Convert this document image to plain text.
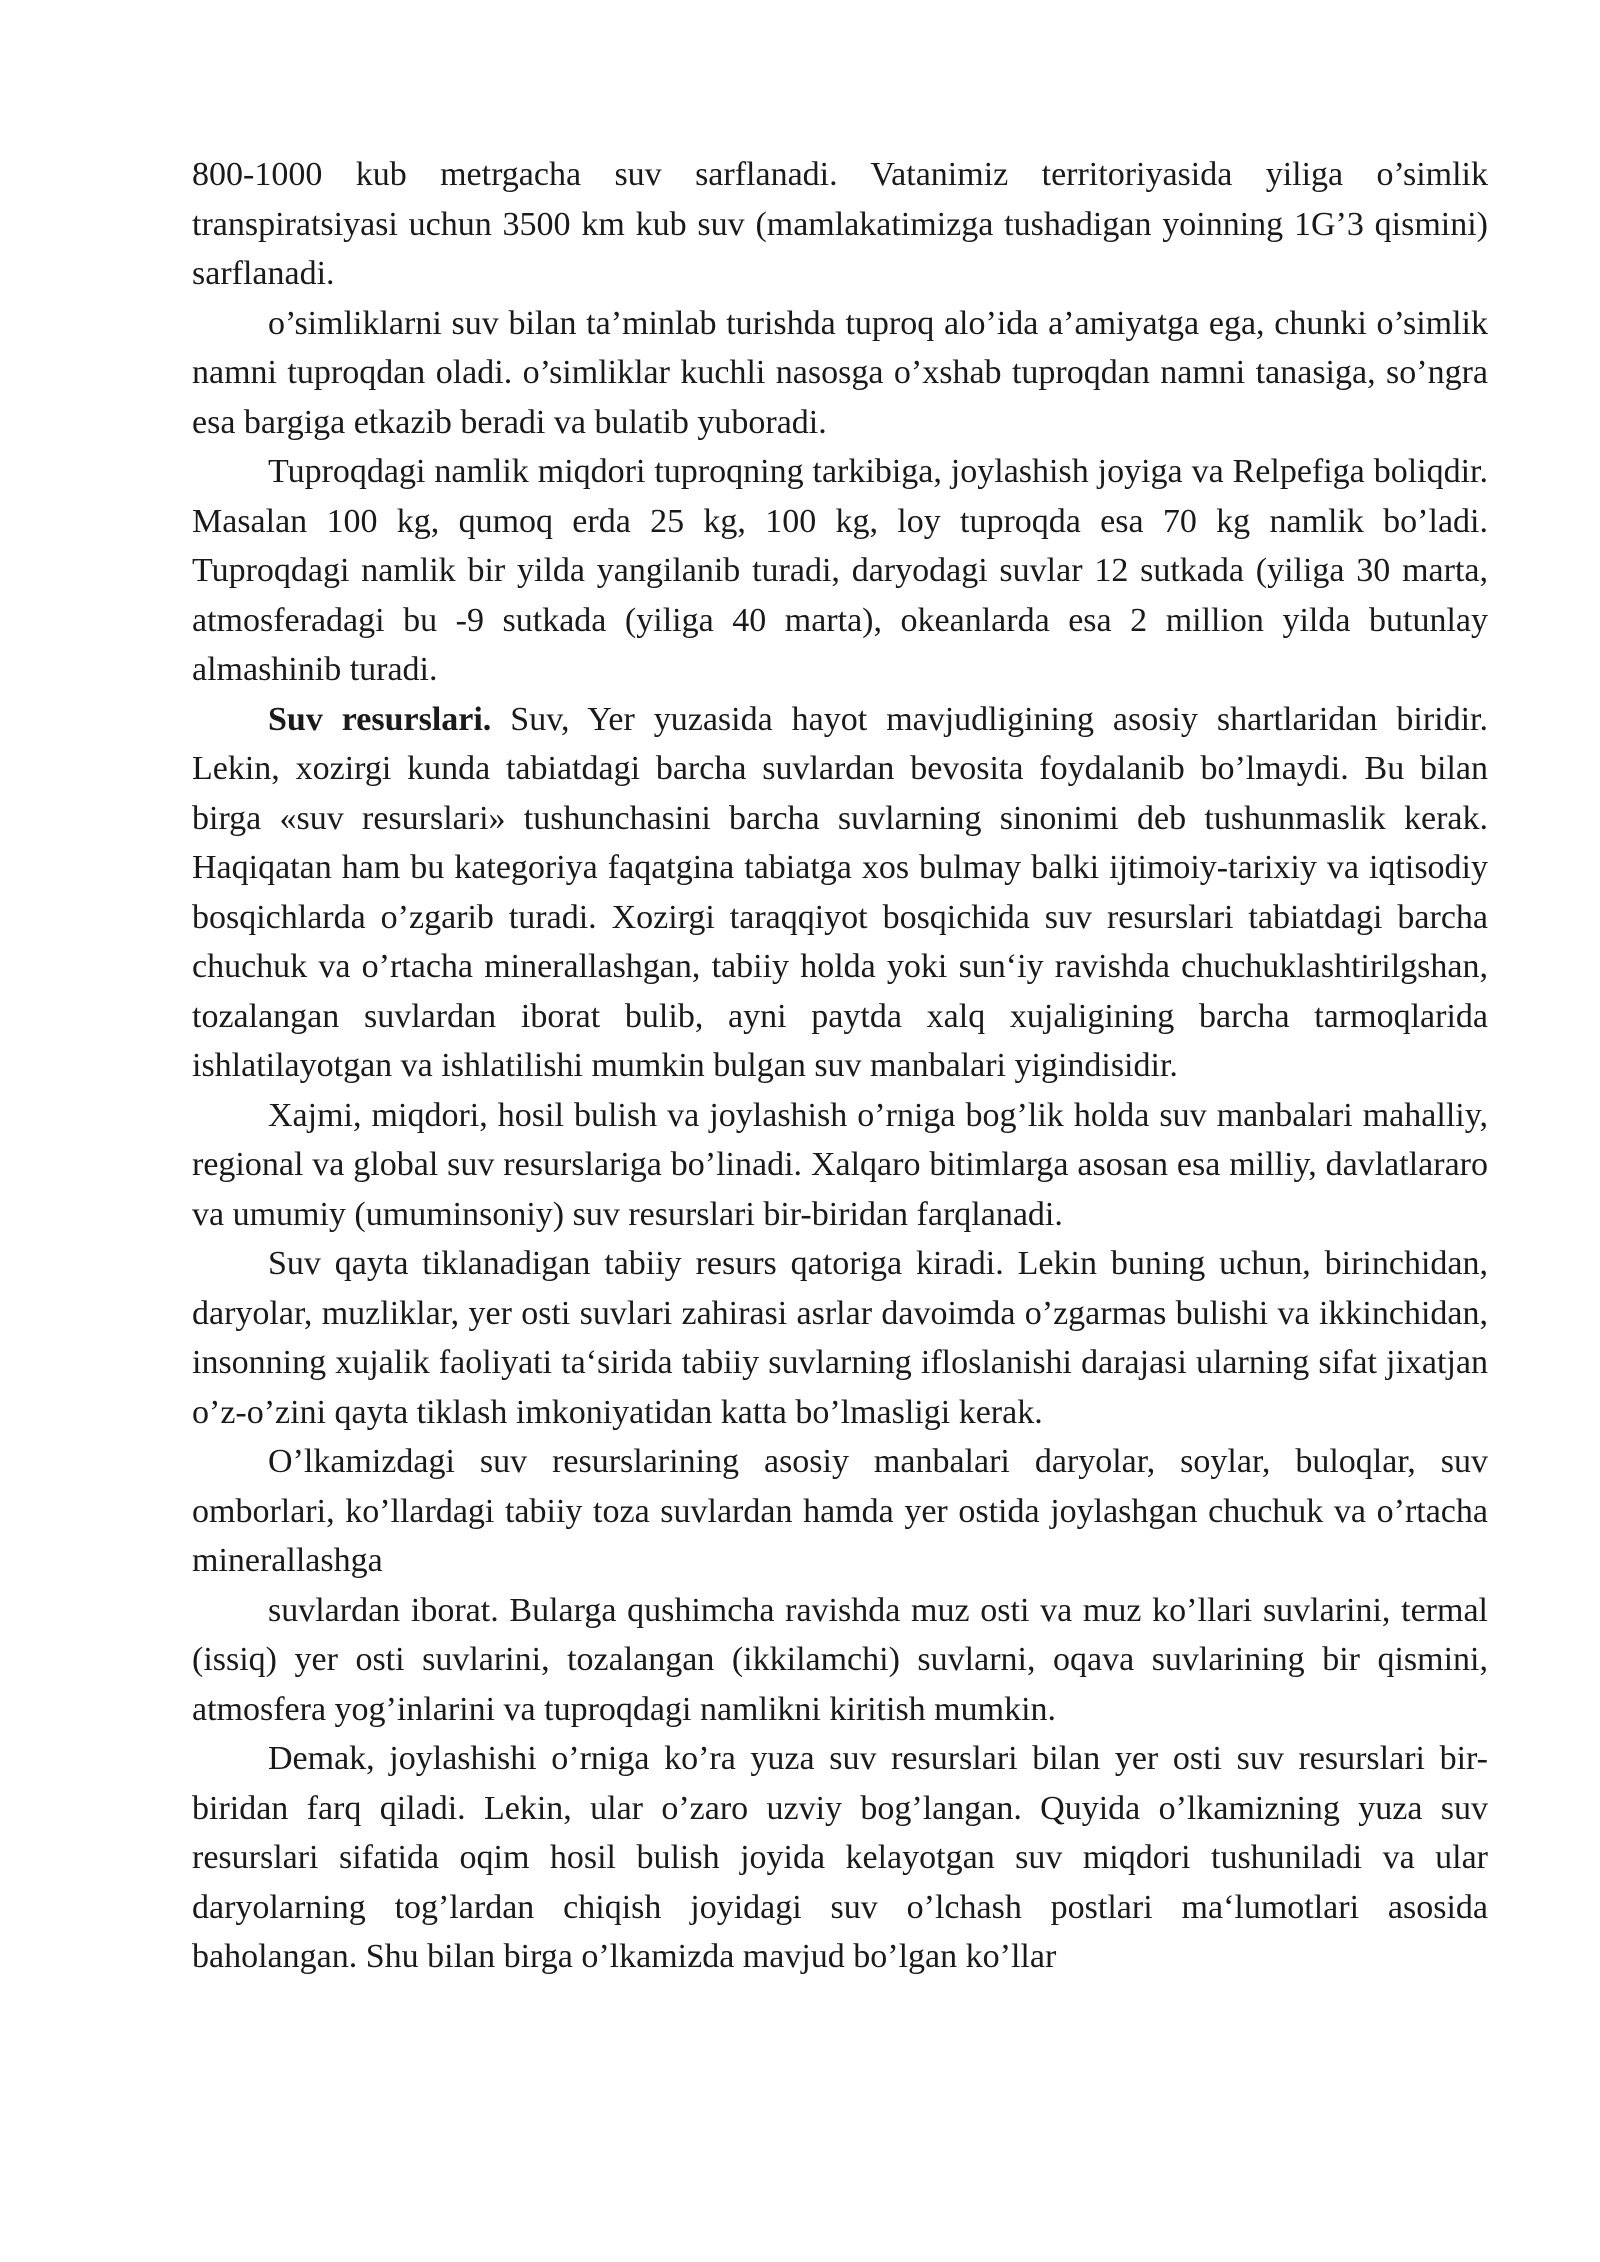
800-1000 kub metrgacha suv sarflanadi. Vatanimiz territoriyasida yiliga o’simlik transpiratsiyasi uchun 3500 km kub suv (mamlakatimizga tushadigan yoinning 1G’3 qismini) sarflanadi.

o’simliklarni suv bilan ta’minlab turishda tuproq alo’ida a’amiyatga ega, chunki o’simlik namni tuproqdan oladi. o’simliklar kuchli nasosga o’xshab tuproqdan namni tanasiga, so’ngra esa bargiga etkazib beradi va bulatib yuboradi.

Tuproqdagi namlik miqdori tuproqning tarkibiga, joylashish joyiga va Relpefiga boliqdir. Masalan 100 kg, qumoq erda 25 kg, 100 kg, loy tuproqda esa 70 kg namlik bo’ladi. Tuproqdagi namlik bir yilda yangilanib turadi, daryodagi suvlar 12 sutkada (yiliga 30 marta, atmosferadagi bu -9 sutkada (yiliga 40 marta), okeanlarda esa 2 million yilda butunlay almashinib turadi.

Suv resurslari. Suv, Yer yuzasida hayot mavjudligining asosiy shartlaridan biridir. Lekin, xozirgi kunda tabiatdagi barcha suvlardan bevosita foydalanib bo’lmaydi. Bu bilan birga «suv resurslari» tushunchasini barcha suvlarning sinonimi deb tushunmaslik kerak. Haqiqatan ham bu kategoriya faqatgina tabiatga xos bulmay balki ijtimoiy-tarixiy va iqtisodiy bosqichlarda o’zgarib turadi. Xozirgi taraqqiyot bosqichida suv resurslari tabiatdagi barcha chuchuk va o’rtacha minerallashgan, tabiiy holda yoki sun‘iy ravishda chuchuklashtirilgshan, tozalangan suvlardan iborat bulib, ayni paytda xalq xujaligining barcha tarmoqlarida ishlatilayotgan va ishlatilishi mumkin bulgan suv manbalari yigindisidir.

Xajmi, miqdori, hosil bulish va joylashish o’rniga bog’lik holda suv manbalari mahalliy, regional va global suv resurslariga bo’linadi. Xalqaro bitimlarga asosan esa milliy, davlatlararo va umumiy (umuminsoniy) suv resurslari bir-biridan farqlanadi.

Suv qayta tiklanadigan tabiiy resurs qatoriga kiradi. Lekin buning uchun, birinchidan, daryolar, muzliklar, yer osti suvlari zahirasi asrlar davoimda o’zgarmas bulishi va ikkinchidan, insonning xujalik faoliyati ta‘sirida tabiiy suvlarning ifloslanishi darajasi ularning sifat jixatjan o’z-o’zini qayta tiklash imkoniyatidan katta bo’lmasligi kerak.

O’lkamizdagi suv resurslarining asosiy manbalari daryolar, soylar, buloqlar, suv omborlari, ko’llardagi tabiiy toza suvlardan hamda yer ostida joylashgan chuchuk va o’rtacha minerallashga

suvlardan iborat. Bularga qushimcha ravishda muz osti va muz ko’llari suvlarini, termal (issiq) yer osti suvlarini, tozalangan (ikkilamchi) suvlarni, oqava suvlarining bir qismini, atmosfera yog’inlarini va tuproqdagi namlikni kiritish mumkin.

Demak, joylashishi o’rniga ko’ra yuza suv resurslari bilan yer osti suv resurslari bir-biridan farq qiladi. Lekin, ular o’zaro uzviy bog’langan. Quyida o’lkamizning yuza suv resurslari sifatida oqim hosil bulish joyida kelayotgan suv miqdori tushuniladi va ular daryolarning tog’lardan chiqish joyidagi suv o’lchash postlari ma‘lumotlari asosida baholangan. Shu bilan birga o’lkamizda mavjud bo’lgan ko’llar
